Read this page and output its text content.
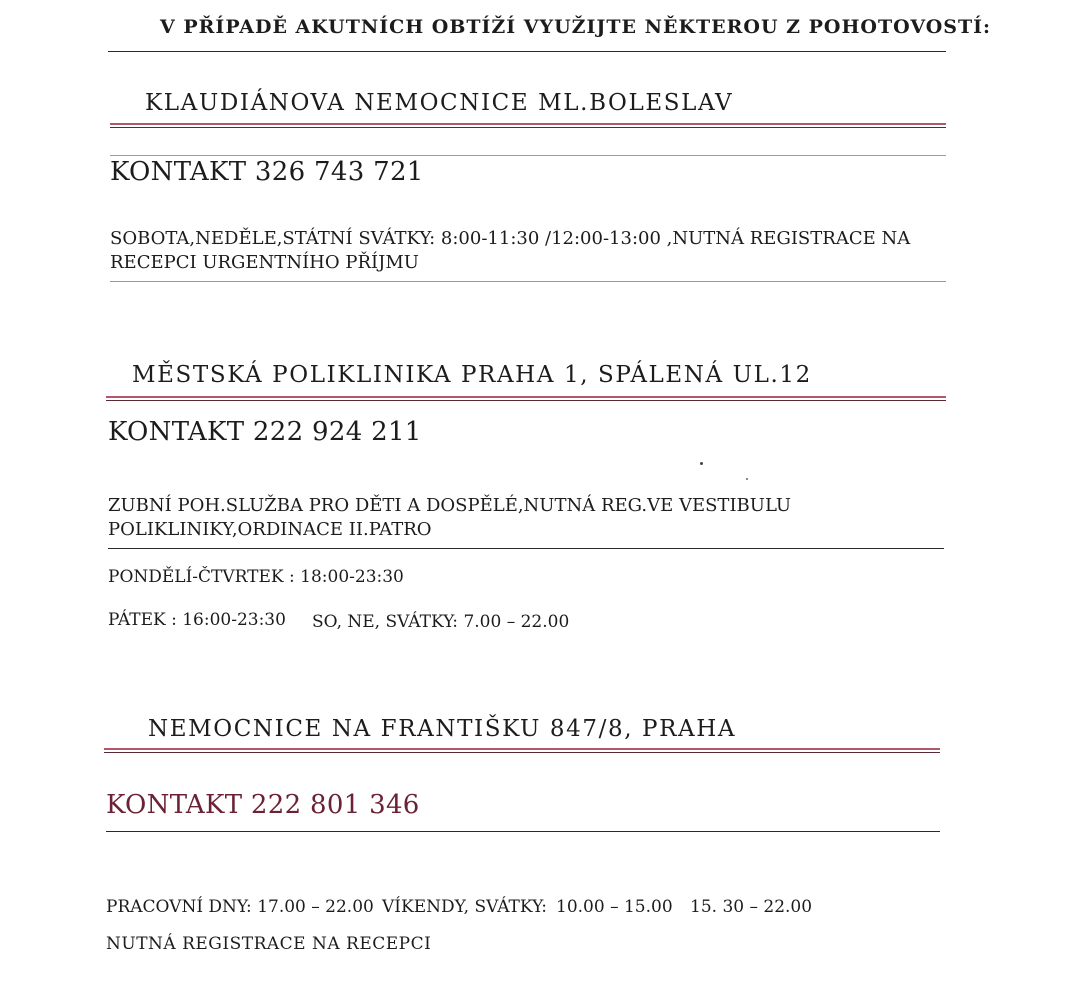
V PŘÍPADĚ AKUTNÍCH OBTÍŽÍ VYUŽIJTE NĚKTEROU Z POHOTOVOSTÍ:
KLAUDIÁNOVA NEMOCNICE ML.BOLESLAV
KONTAKT 326 743 721
SOBOTA,NEDĚLE,STÁTNÍ SVÁTKY: 8:00-11:30 /12:00-13:00 ,NUTNÁ REGISTRACE NA
RECEPCI URGENTNÍHO PŘÍJMU
MĚSTSKÁ POLIKLINIKA PRAHA 1, SPÁLENÁ UL.12
KONTAKT 222 924 211
ZUBNÍ POH.SLUŽBA PRO DĚTI A DOSPĚLÉ,NUTNÁ REG.VE VESTIBULU
POLIKLINIKY,ORDINACE II.PATRO
PONDĚLÍ-ČTVRTEK : 18:00-23:30
PÁTEK : 16:00-23:30 SO, NE, SVÁTKY: 7.00 – 22.00
NEMOCNICE NA FRANTIŠKU 847/8, PRAHA
KONTAKT 222 801 346
PRACOVNÍ DNY: 17.00 – 22.00 VÍKENDY, SVÁTKY: 10.00 – 15.00 15. 30 – 22.00
NUTNÁ REGISTRACE NA RECEPCI
